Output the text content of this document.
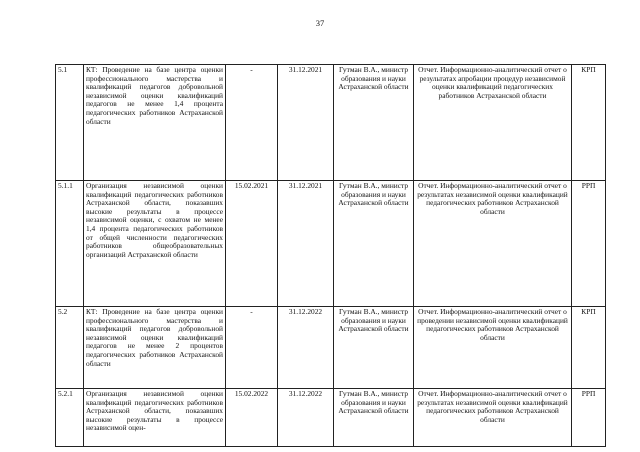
37
5.1	КТ: Проведение на базе центра оценки профессионального мастерства и квалификаций педагогов добровольной независимой оценки квалификаций педагогов не менее 1,4 процента педагогических работников Астраханской области	-	31.12.2021	Гутман В.А., министр образования и науки Астраханской области	Отчет. Информационно-аналитический отчет о результатах апробации процедур независимой оценки квалификаций педагогических работников Астраханской области	КРП
5.1.1	Организация независимой оценки квалификаций педагогических работников Астраханской области, показавших высокие результаты в процессе независимой оценки, с охватом не менее 1,4 процента педагогических работников от общей численности педагогических работников общеобразовательных организаций Астраханской области	15.02.2021	31.12.2021	Гутман В.А., министр образования и науки Астраханской области	Отчет. Информационно-аналитический отчет о результатах независимой оценки квалификаций педагогических работников Астраханской области	РРП
5.2	КТ: Проведение на базе центра оценки профессионального мастерства и квалификаций педагогов добровольной независимой оценки квалификаций педагогов не менее 2 процентов педагогических работников Астраханской области	-	31.12.2022	Гутман В.А., министр образования и науки Астраханской области	Отчет. Информационно-аналитический отчет о проведении независимой оценки квалификаций педагогических работников Астраханской области	КРП
5.2.1	Организация независимой оценки квалификаций педагогических работников Астраханской области, показавших высокие результаты в процессе независимой оцен-	15.02.2022	31.12.2022	Гутман В.А., министр образования и науки Астраханской области	Отчет. Информационно-аналитический отчет о результатах независимой оценки квалификаций педагогических работников Астраханской области	РРП
